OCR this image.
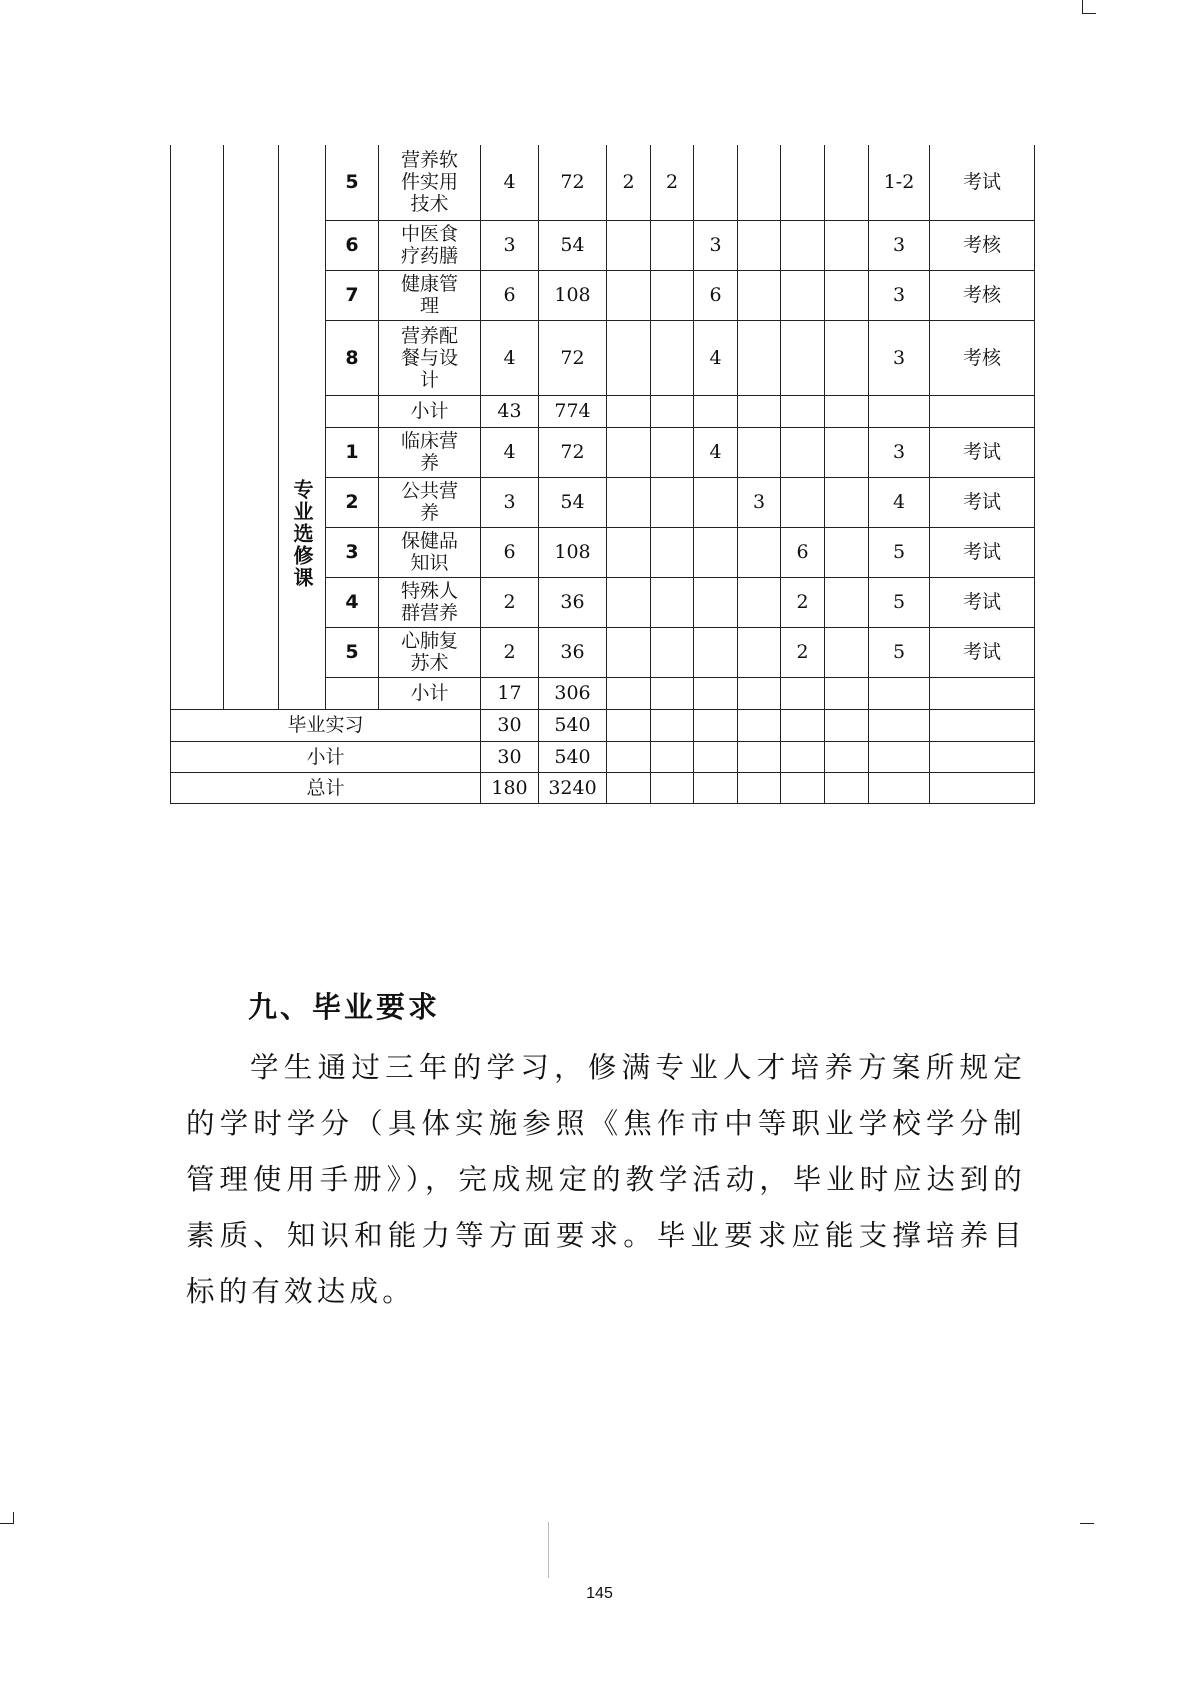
		专业选修课	5	营养软件实用技术	4	72	2	2					1-2	考试
			6	中医食疗药膳	3	54			3				3	考核
			7	健康管理	6	108			6				3	考核
			8	营养配餐与设计	4	72			4				3	考核
				小计	43	774								
			1	临床营养	4	72			4				3	考试
			2	公共营养	3	54				3			4	考试
			3	保健品知识	6	108					6		5	考试
			4	特殊人群营养	2	36					2		5	考试
			5	心肺复苏术	2	36					2		5	考试
				小计	17	306								
毕业实习					30	540								
小计					30	540								
总计					180	3240								
九、毕业要求

学生通过三年的学习，修满专业人才培养方案所规定的学时学分（具体实施参照《焦作市中等职业学校学分制管理使用手册》），完成规定的教学活动，毕业时应达到的素质、知识和能力等方面要求。毕业要求应能支撑培养目标的有效达成。

145
